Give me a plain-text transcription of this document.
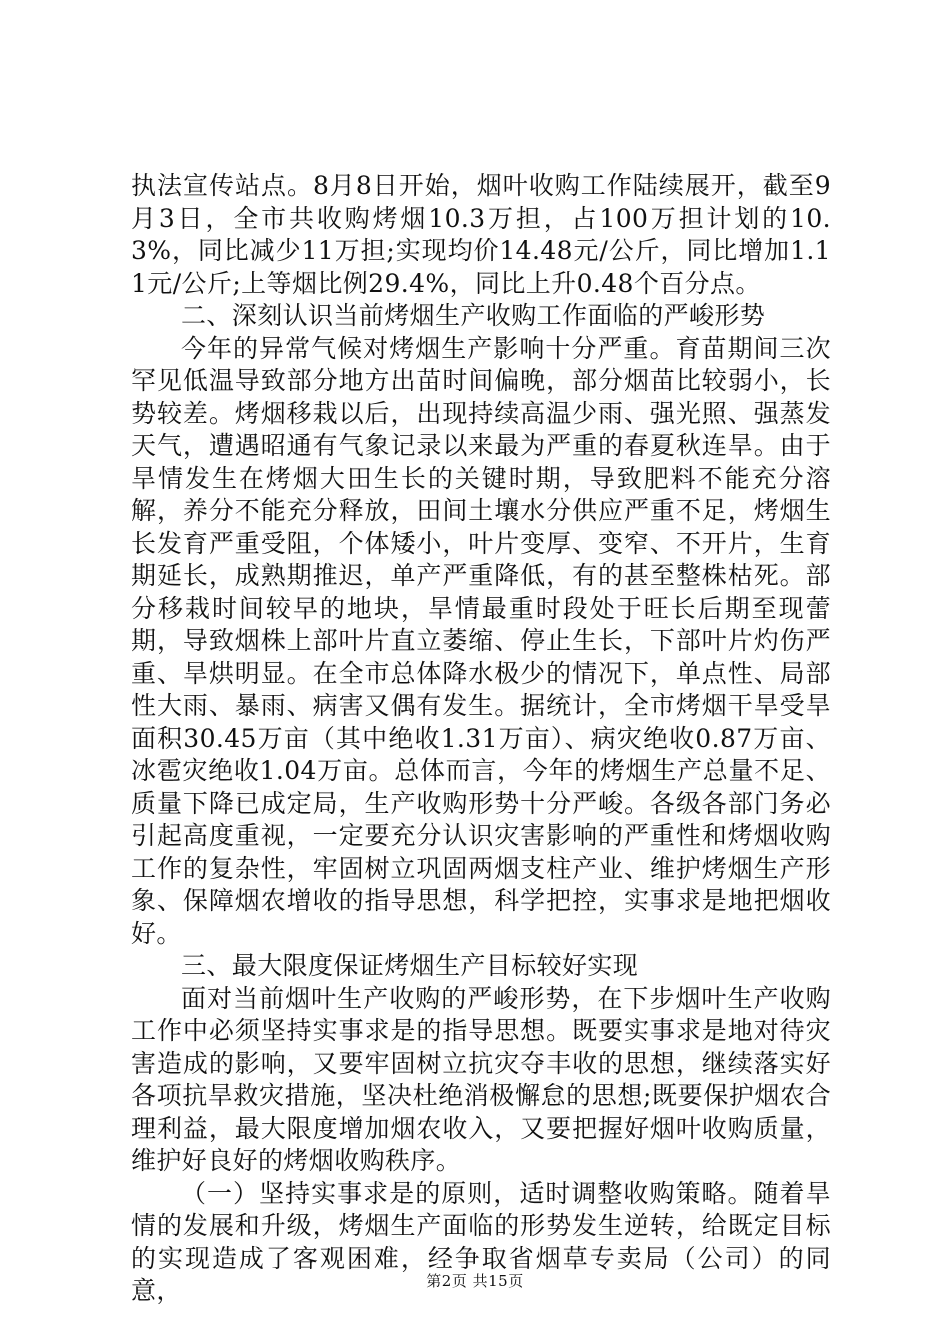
执法宣传站点。8月8日开始，烟叶收购工作陆续展开，截至9月3日，全市共收购烤烟10.3万担，占100万担计划的10.3%，同比减少11万担;实现均价14.48元/公斤，同比增加1.11元/公斤;上等烟比例29.4%，同比上升0.48个百分点。

二、深刻认识当前烤烟生产收购工作面临的严峻形势

今年的异常气候对烤烟生产影响十分严重。育苗期间三次罕见低温导致部分地方出苗时间偏晚，部分烟苗比较弱小，长势较差。烤烟移栽以后，出现持续高温少雨、强光照、强蒸发天气，遭遇昭通有气象记录以来最为严重的春夏秋连旱。由于旱情发生在烤烟大田生长的关键时期，导致肥料不能充分溶解，养分不能充分释放，田间土壤水分供应严重不足，烤烟生长发育严重受阻，个体矮小，叶片变厚、变窄、不开片，生育期延长，成熟期推迟，单产严重降低，有的甚至整株枯死。部分移栽时间较早的地块，旱情最重时段处于旺长后期至现蕾期，导致烟株上部叶片直立萎缩、停止生长，下部叶片灼伤严重、旱烘明显。在全市总体降水极少的情况下，单点性、局部性大雨、暴雨、病害又偶有发生。据统计，全市烤烟干旱受旱面积30.45万亩（其中绝收1.31万亩）、病灾绝收0.87万亩、冰雹灾绝收1.04万亩。总体而言，今年的烤烟生产总量不足、质量下降已成定局，生产收购形势十分严峻。各级各部门务必引起高度重视，一定要充分认识灾害影响的严重性和烤烟收购工作的复杂性，牢固树立巩固两烟支柱产业、维护烤烟生产形象、保障烟农增收的指导思想，科学把控，实事求是地把烟收好。

三、最大限度保证烤烟生产目标较好实现

面对当前烟叶生产收购的严峻形势，在下步烟叶生产收购工作中必须坚持实事求是的指导思想。既要实事求是地对待灾害造成的影响，又要牢固树立抗灾夺丰收的思想，继续落实好各项抗旱救灾措施，坚决杜绝消极懈怠的思想;既要保护烟农合理利益，最大限度增加烟农收入，又要把握好烟叶收购质量，维护好良好的烤烟收购秩序。

（一）坚持实事求是的原则，适时调整收购策略。随着旱情的发展和升级，烤烟生产面临的形势发生逆转，给既定目标的实现造成了客观困难，经争取省烟草专卖局（公司）的同意，	第2页 共15页
